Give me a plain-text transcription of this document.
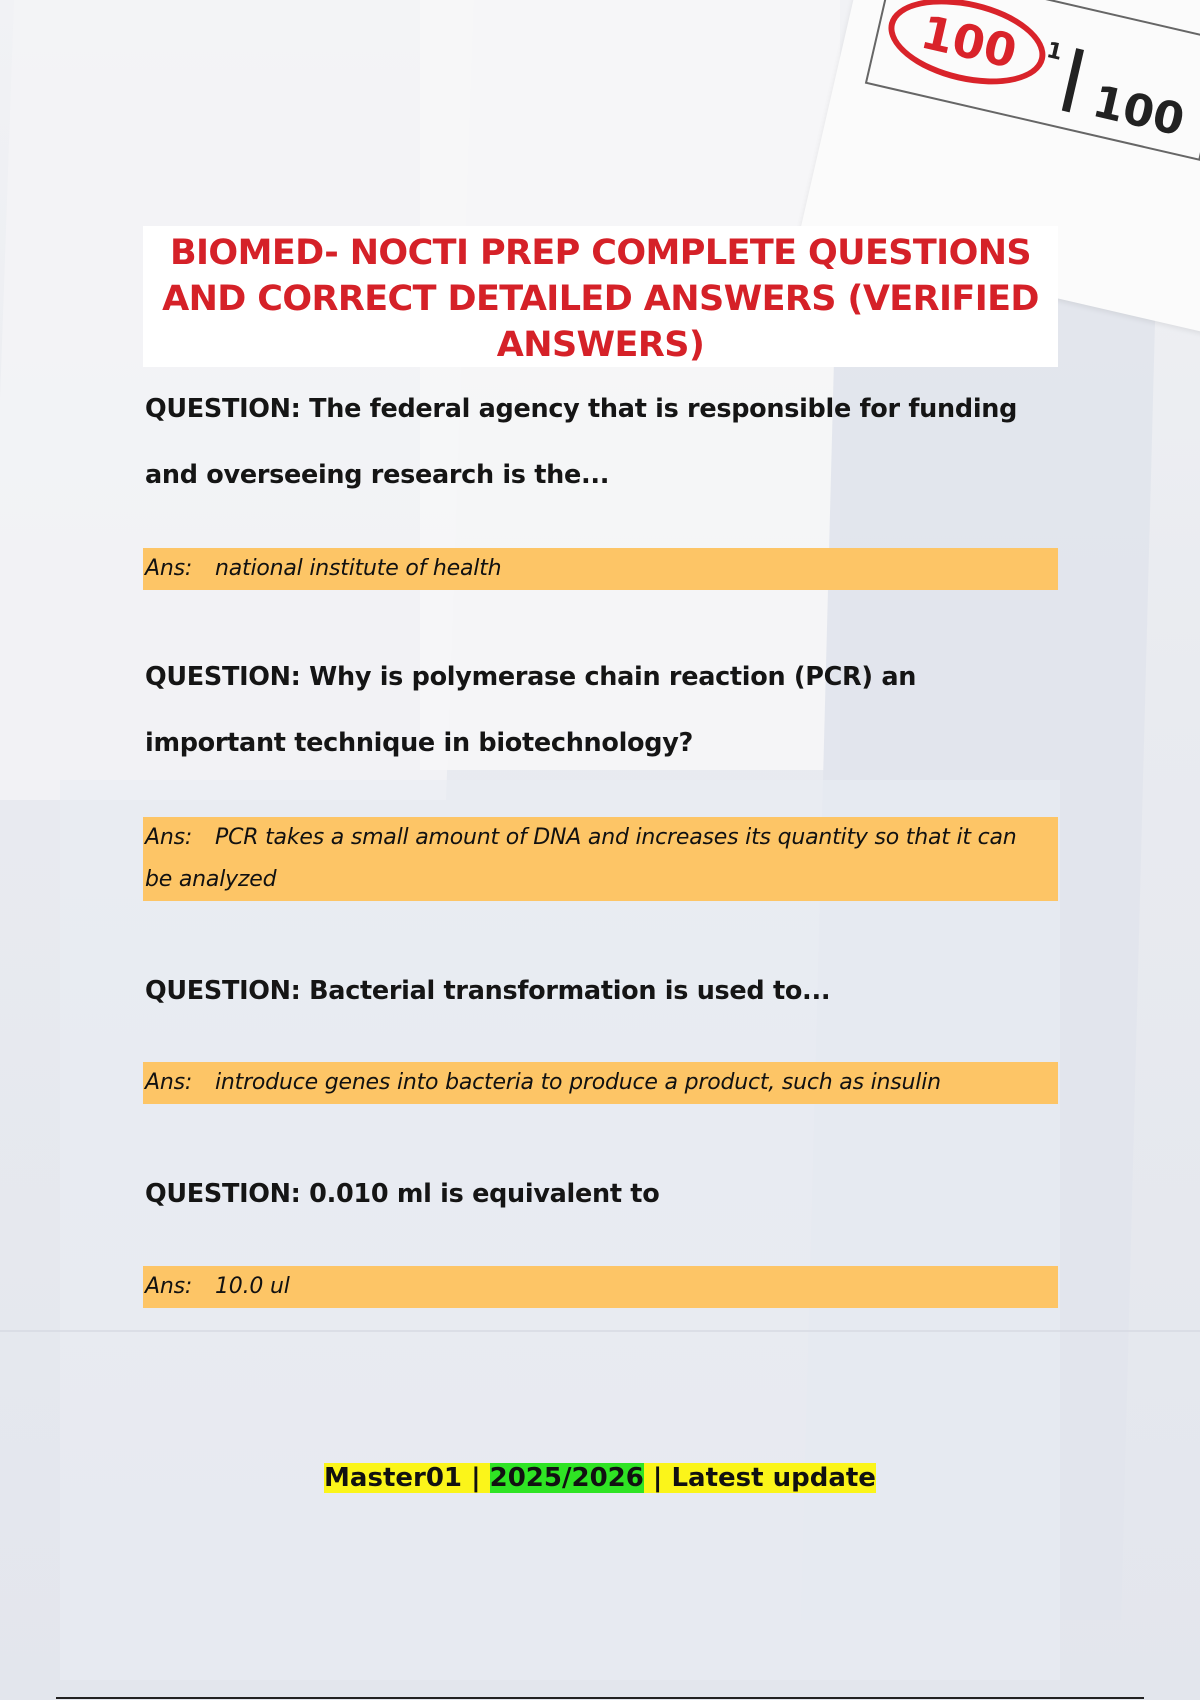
100	1
100
BIOMED- NOCTI PREP COMPLETE QUESTIONS AND CORRECT DETAILED ANSWERS (VERIFIED ANSWERS)

QUESTION: The federal agency that is responsible for funding and overseeing research is the...

Ans: national institute of health

QUESTION: Why is polymerase chain reaction (PCR) an important technique in biotechnology?

Ans: PCR takes a small amount of DNA and increases its quantity so that it can be analyzed

QUESTION: Bacterial transformation is used to...

Ans: introduce genes into bacteria to produce a product, such as insulin

QUESTION: 0.010 ml is equivalent to

Ans: 10.0 ul
Master01 | 2025/2026 | Latest update
